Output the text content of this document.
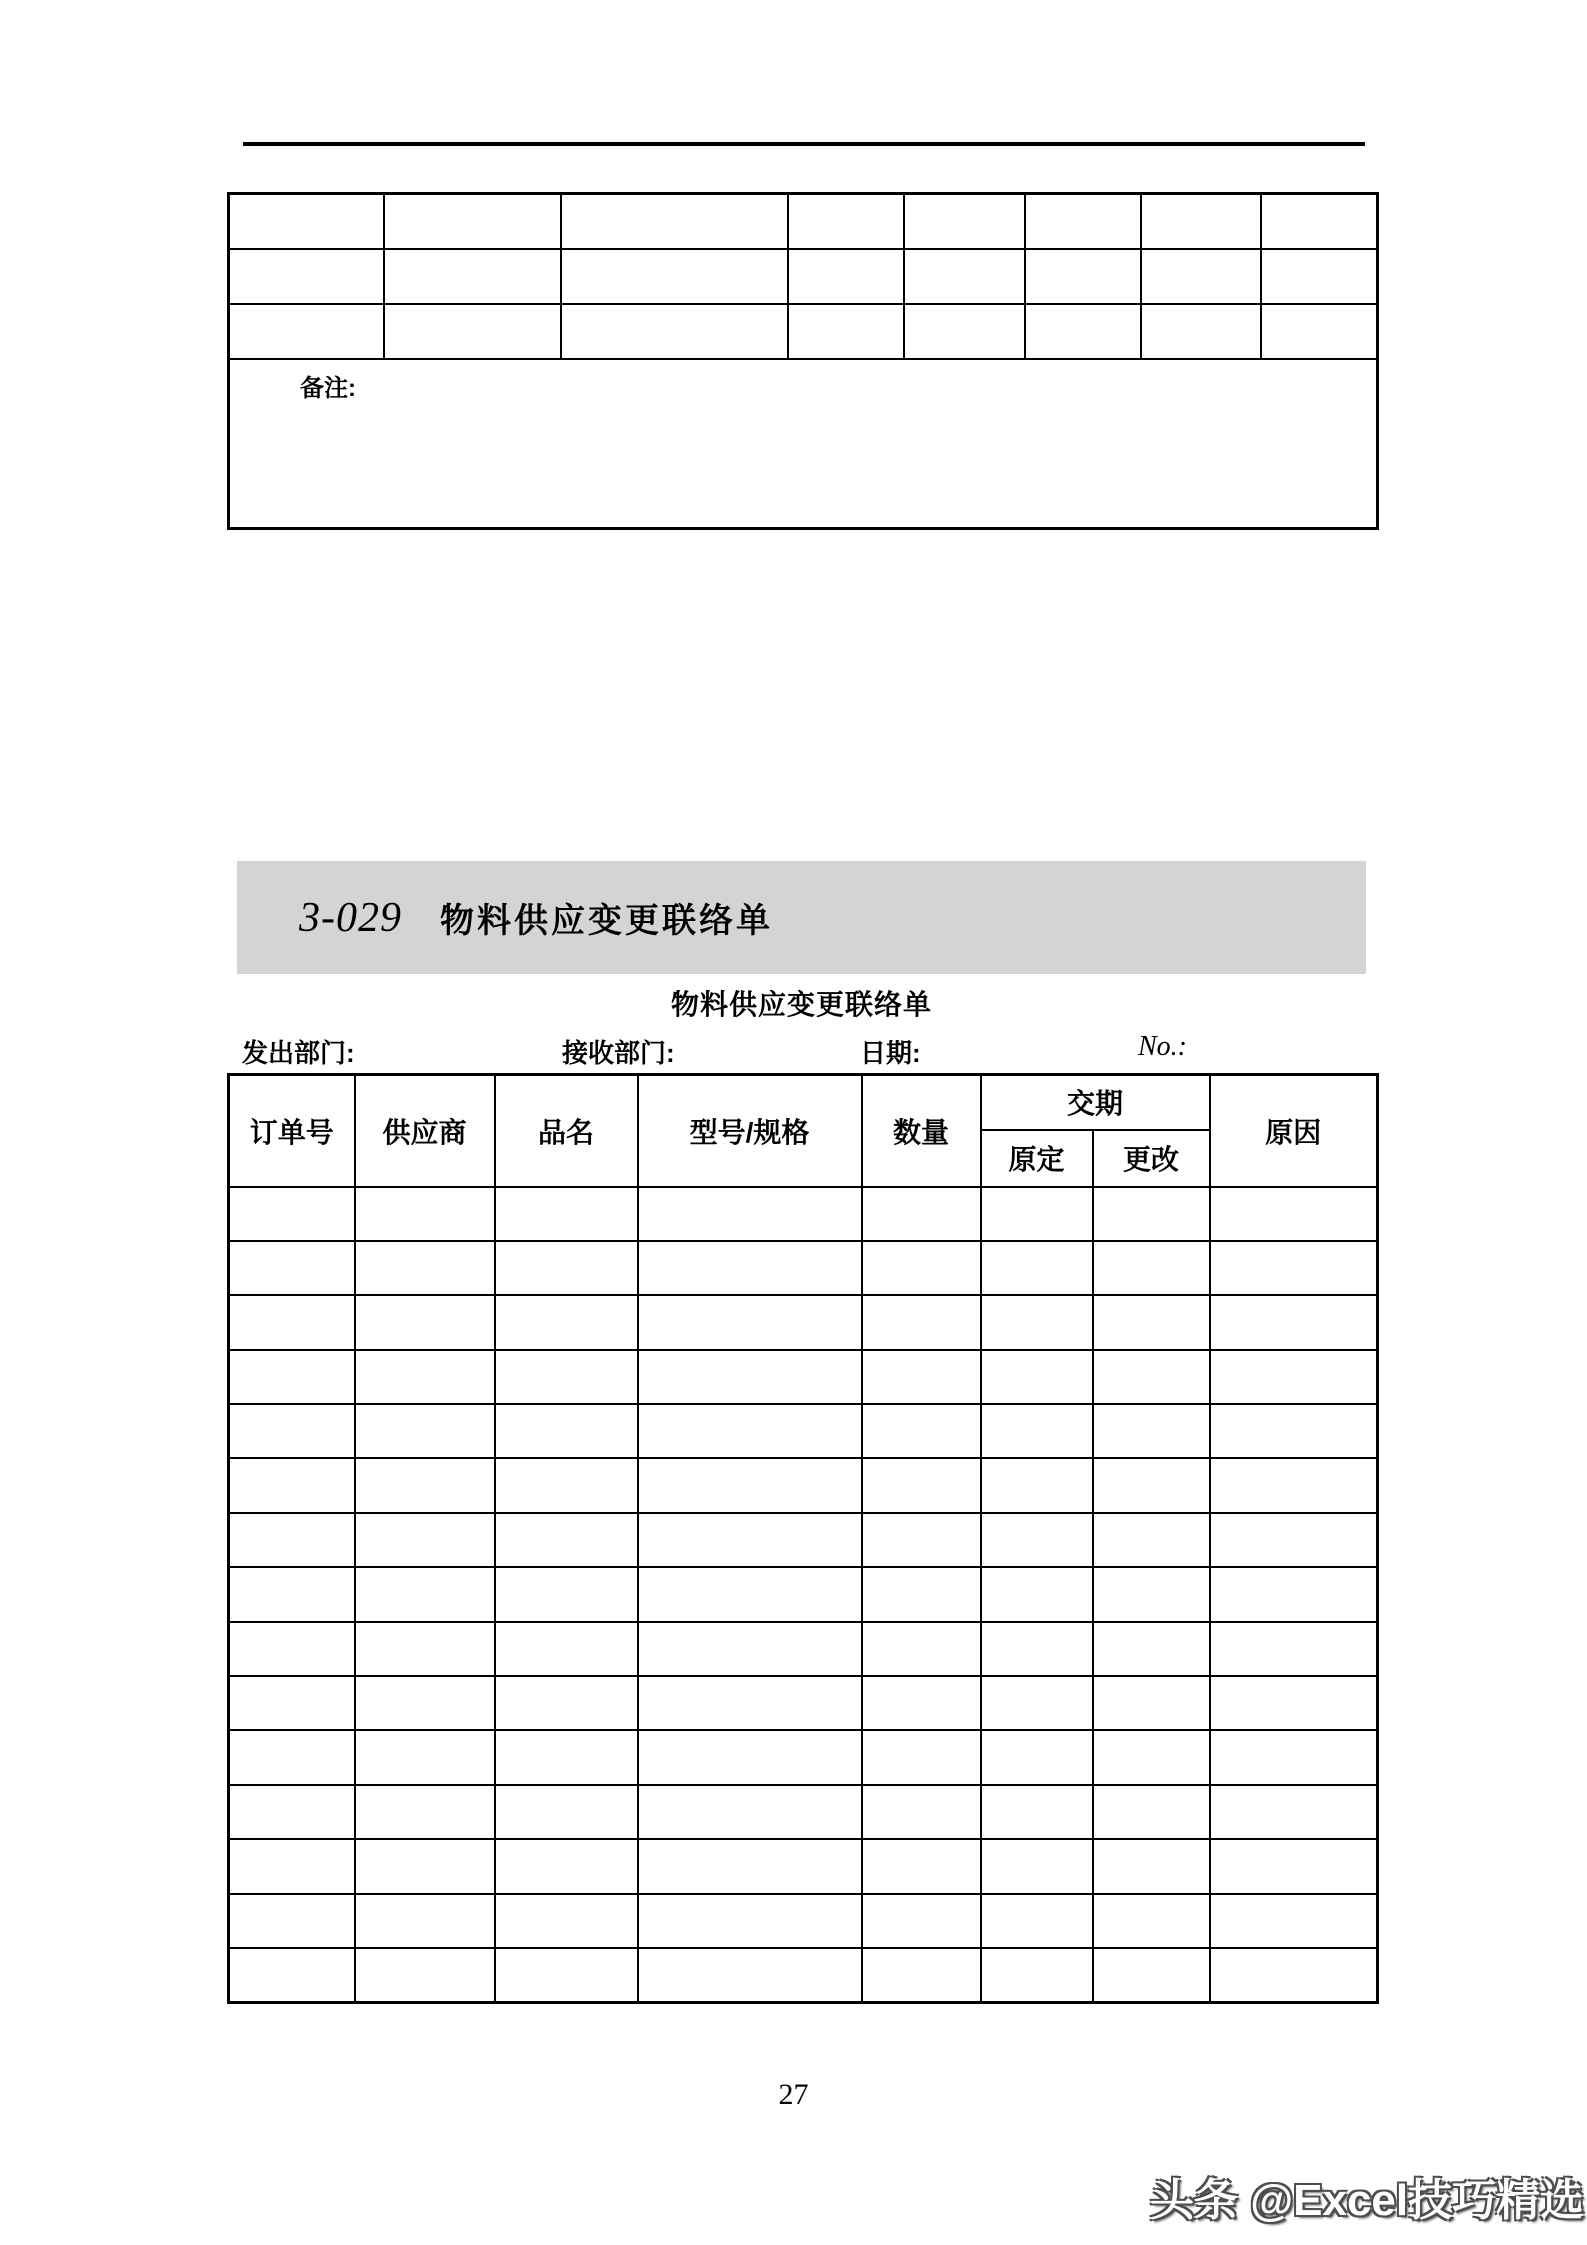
备注:							
3-029 物料供应变更联络单
物料供应变更联络单
发出部门:	接收部门:	日期:	No.:
订单号	供应商	品名	型号/规格	数量	交期		原因
					原定	更改	

27
头条 @Excel技巧精选
